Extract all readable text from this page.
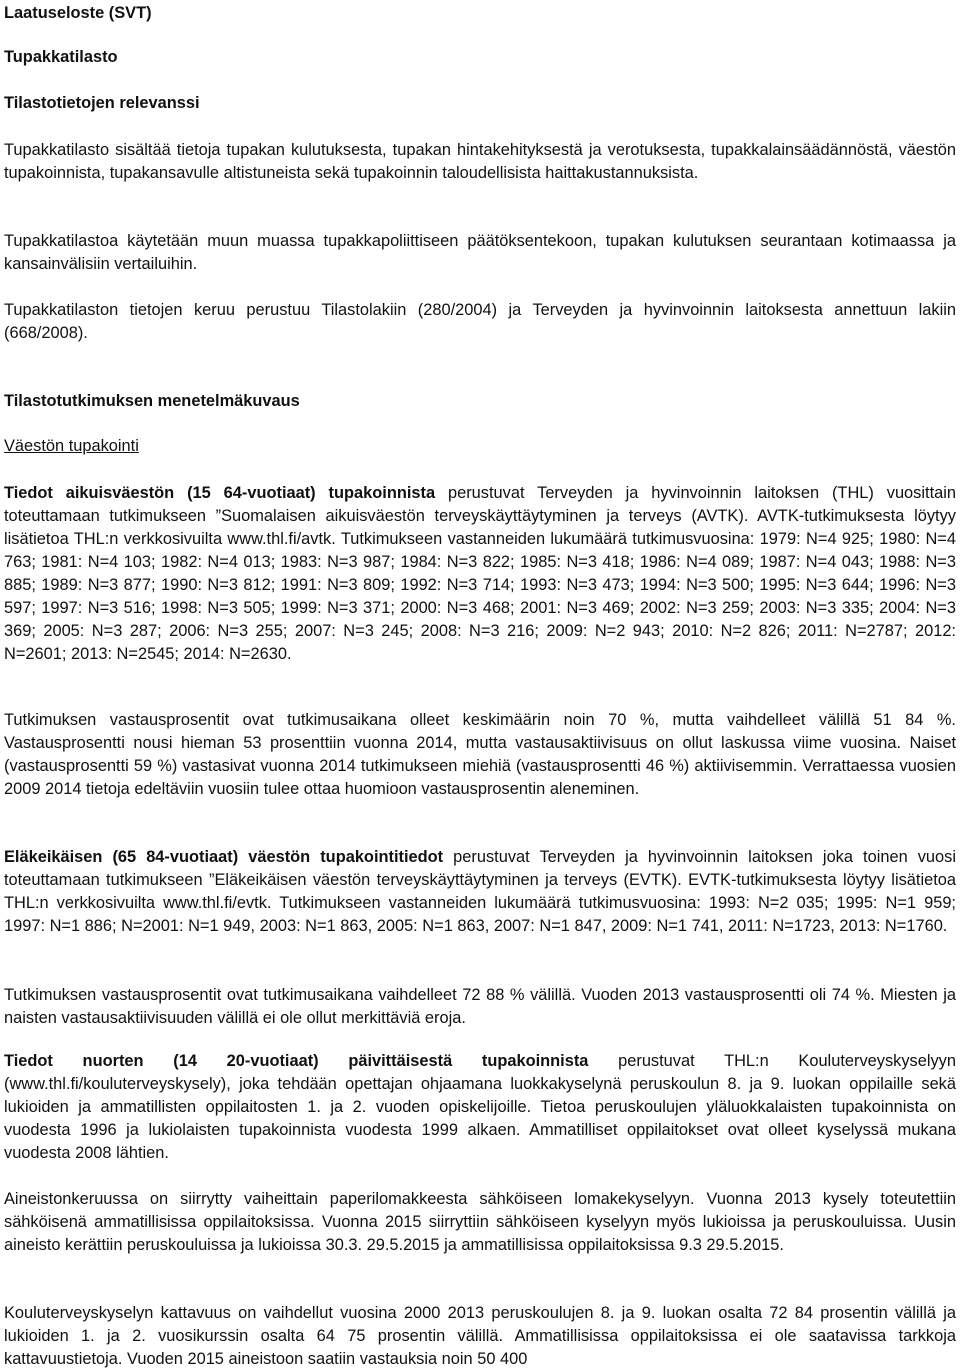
Laatuseloste (SVT)
Tupakkatilasto
Tilastotietojen relevanssi

Tupakkatilasto sisältää tietoja tupakan kulutuksesta, tupakan hintakehityksestä ja verotuksesta, tupakkalainsäädännöstä, väestön tupakoinnista, tupakansavulle altistuneista sekä tupakoinnin taloudellisista haittakustannuksista.

Tupakkatilastoa käytetään muun muassa tupakkapoliittiseen päätöksentekoon, tupakan kulutuksen seurantaan kotimaassa ja kansainvälisiin vertailuihin.

Tupakkatilaston tietojen keruu perustuu Tilastolakiin (280/2004) ja Terveyden ja hyvinvoinnin laitoksesta annettuun lakiin (668/2008).

Tilastotutkimuksen menetelmäkuvaus
Väestön tupakointi

Tiedot aikuisväestön (15 64-vuotiaat) tupakoinnista perustuvat Terveyden ja hyvinvoinnin laitoksen (THL) vuosittain toteuttamaan tutkimukseen ”Suomalaisen aikuisväestön terveyskäyttäytyminen ja terveys (AVTK). AVTK-tutkimuksesta löytyy lisätietoa THL:n verkkosivuilta www.thl.fi/avtk. Tutkimukseen vastanneiden lukumäärä tutkimusvuosina: 1979: N=4 925; 1980: N=4 763; 1981: N=4 103; 1982: N=4 013; 1983: N=3 987; 1984: N=3 822; 1985: N=3 418; 1986: N=4 089; 1987: N=4 043; 1988: N=3 885; 1989: N=3 877; 1990: N=3 812; 1991: N=3 809; 1992: N=3 714; 1993: N=3 473; 1994: N=3 500; 1995: N=3 644; 1996: N=3 597; 1997: N=3 516; 1998: N=3 505; 1999: N=3 371; 2000: N=3 468; 2001: N=3 469; 2002: N=3 259; 2003: N=3 335; 2004: N=3 369; 2005: N=3 287; 2006: N=3 255; 2007: N=3 245; 2008: N=3 216; 2009: N=2 943; 2010: N=2 826; 2011: N=2787; 2012: N=2601; 2013: N=2545; 2014: N=2630.

Tutkimuksen vastausprosentit ovat tutkimusaikana olleet keskimäärin noin 70 %, mutta vaihdelleet välillä 51 84 %. Vastausprosentti nousi hieman 53 prosenttiin vuonna 2014, mutta vastausaktiivisuus on ollut laskussa viime vuosina. Naiset (vastausprosentti 59 %) vastasivat vuonna 2014 tutkimukseen miehiä (vastausprosentti 46 %) aktiivisemmin. Verrattaessa vuosien 2009 2014 tietoja edeltäviin vuosiin tulee ottaa huomioon vastausprosentin aleneminen.

Eläkeikäisen (65 84-vuotiaat) väestön tupakointitiedot perustuvat Terveyden ja hyvinvoinnin laitoksen joka toinen vuosi toteuttamaan tutkimukseen ”Eläkeikäisen väestön terveyskäyttäytyminen ja terveys (EVTK). EVTK-tutkimuksesta löytyy lisätietoa THL:n verkkosivuilta www.thl.fi/evtk. Tutkimukseen vastanneiden lukumäärä tutkimusvuosina: 1993: N=2 035; 1995: N=1 959; 1997: N=1 886; N=2001: N=1 949, 2003: N=1 863, 2005: N=1 863, 2007: N=1 847, 2009: N=1 741, 2011: N=1723, 2013: N=1760.

Tutkimuksen vastausprosentit ovat tutkimusaikana vaihdelleet 72 88 % välillä. Vuoden 2013 vastausprosentti oli 74 %. Miesten ja naisten vastausaktiivisuuden välillä ei ole ollut merkittäviä eroja.

Tiedot nuorten (14 20-vuotiaat) päivittäisestä tupakoinnista perustuvat THL:n Kouluterveyskyselyyn (www.thl.fi/kouluterveyskysely), joka tehdään opettajan ohjaamana luokkakyselynä peruskoulun 8. ja 9. luokan oppilaille sekä lukioiden ja ammatillisten oppilaitosten 1. ja 2. vuoden opiskelijoille. Tietoa peruskoulujen yläluokkalaisten tupakoinnista on vuodesta 1996 ja lukiolaisten tupakoinnista vuodesta 1999 alkaen. Ammatilliset oppilaitokset ovat olleet kyselyssä mukana vuodesta 2008 lähtien.

Aineistonkeruussa on siirrytty vaiheittain paperilomakkeesta sähköiseen lomakekyselyyn. Vuonna 2013 kysely toteutettiin sähköisenä ammatillisissa oppilaitoksissa. Vuonna 2015 siirryttiin sähköiseen kyselyyn myös lukioissa ja peruskouluissa. Uusin aineisto kerättiin peruskouluissa ja lukioissa 30.3. 29.5.2015 ja ammatillisissa oppilaitoksissa 9.3 29.5.2015.

Kouluterveyskyselyn kattavuus on vaihdellut vuosina 2000 2013 peruskoulujen 8. ja 9. luokan osalta 72 84 prosentin välillä ja lukioiden 1. ja 2. vuosikurssin osalta 64 75 prosentin välillä. Ammatillisissa oppilaitoksissa ei ole saatavissa tarkkoja kattavuustietoja. Vuoden 2015 aineistoon saatiin vastauksia noin 50 400
